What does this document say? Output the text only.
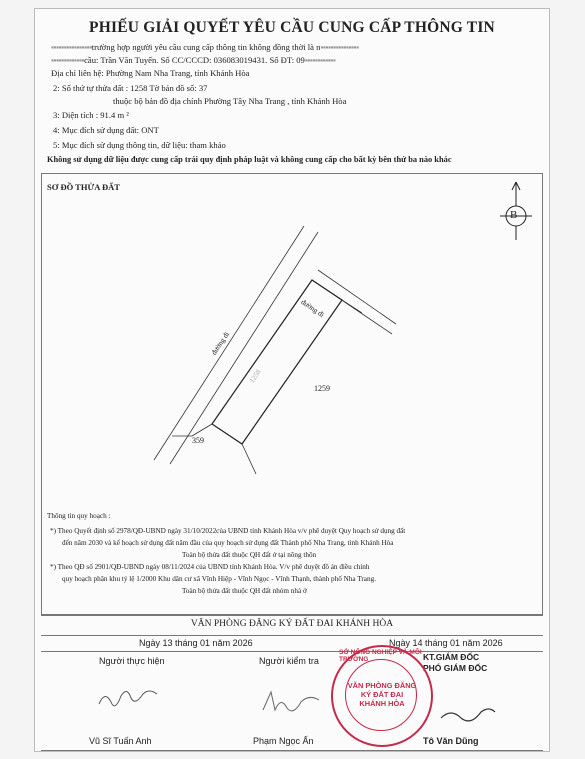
PHIẾU GIẢI QUYẾT YÊU CẦU CUNG CẤP THÔNG TIN
▪▪▪▪▪▪▪▪▪▪▪▪▪▪▪▪trường hợp người yêu cầu cung cấp thông tin không đồng thời là n▪▪▪▪▪▪▪▪▪▪▪▪▪▪▪
▪▪▪▪▪▪▪▪▪▪▪▪▪cầu: Trần Văn Tuyến. Số CC/CCCD: 036083019431. Số ĐT: 09▪▪▪▪▪▪▪▪▪▪▪▪
Địa chỉ liên hệ: Phường Nam Nha Trang, tỉnh Khánh Hòa
2: Số thứ tự thửa đất : 1258 Tờ bản đồ số: 37
thuộc bộ bản đồ địa chính Phường Tây Nha Trang , tỉnh Khánh Hòa
3: Diện tích : 91.4 m ²
4: Mục đích sử dụng đất: ONT
5: Mục đích sử dụng thông tin, dữ liệu: tham khảo
Không sử dụng dữ liệu được cung cấp trái quy định pháp luật và không cung cấp cho bất kỳ bên thứ ba nào khác
SƠ ĐỒ THỬA ĐẤT
B
đường đi
đường đi
1258
1259
359
Thông tin quy hoạch :
*) Theo Quyết định số 2978/QĐ-UBND ngày 31/10/2022của UBND tỉnh Khánh Hòa v/v phê duyệt Quy hoạch sử dụng đất
đến năm 2030 và kế hoạch sử dụng đất năm đầu của quy hoạch sử dụng đất Thành phố Nha Trang, tỉnh Khánh Hòa
Toàn bộ thửa đất thuộc QH đất ở tại nông thôn
*) Theo QĐ số 2901/QĐ-UBND ngày 08/11/2024 của UBND tỉnh Khánh Hòa. V/v phê duyệt đồ án điều chỉnh
quy hoạch phân khu tỷ lệ 1/2000 Khu dân cư xã Vĩnh Hiệp - Vĩnh Ngọc - Vĩnh Thạnh, thành phố Nha Trang.
Toàn bộ thửa đất thuộc QH đất nhóm nhà ở
VĂN PHÒNG ĐĂNG KÝ ĐẤT ĐAI KHÁNH HÒA
Ngày 13 tháng 01 năm 2026	Ngày 14 tháng 01 năm 2026
Người thực hiện	Người kiểm tra	KT.GIÁM ĐỐC
PHÓ GIÁM ĐỐC
Vũ Sĩ Tuấn Anh	Phạm Ngọc Ấn	Tô Văn Dũng
SỞ NÔNG NGHIỆP VÀ MÔI TRƯỜNG
VĂN PHÒNG ĐĂNG KÝ ĐẤT ĐAI KHÁNH HÒA
